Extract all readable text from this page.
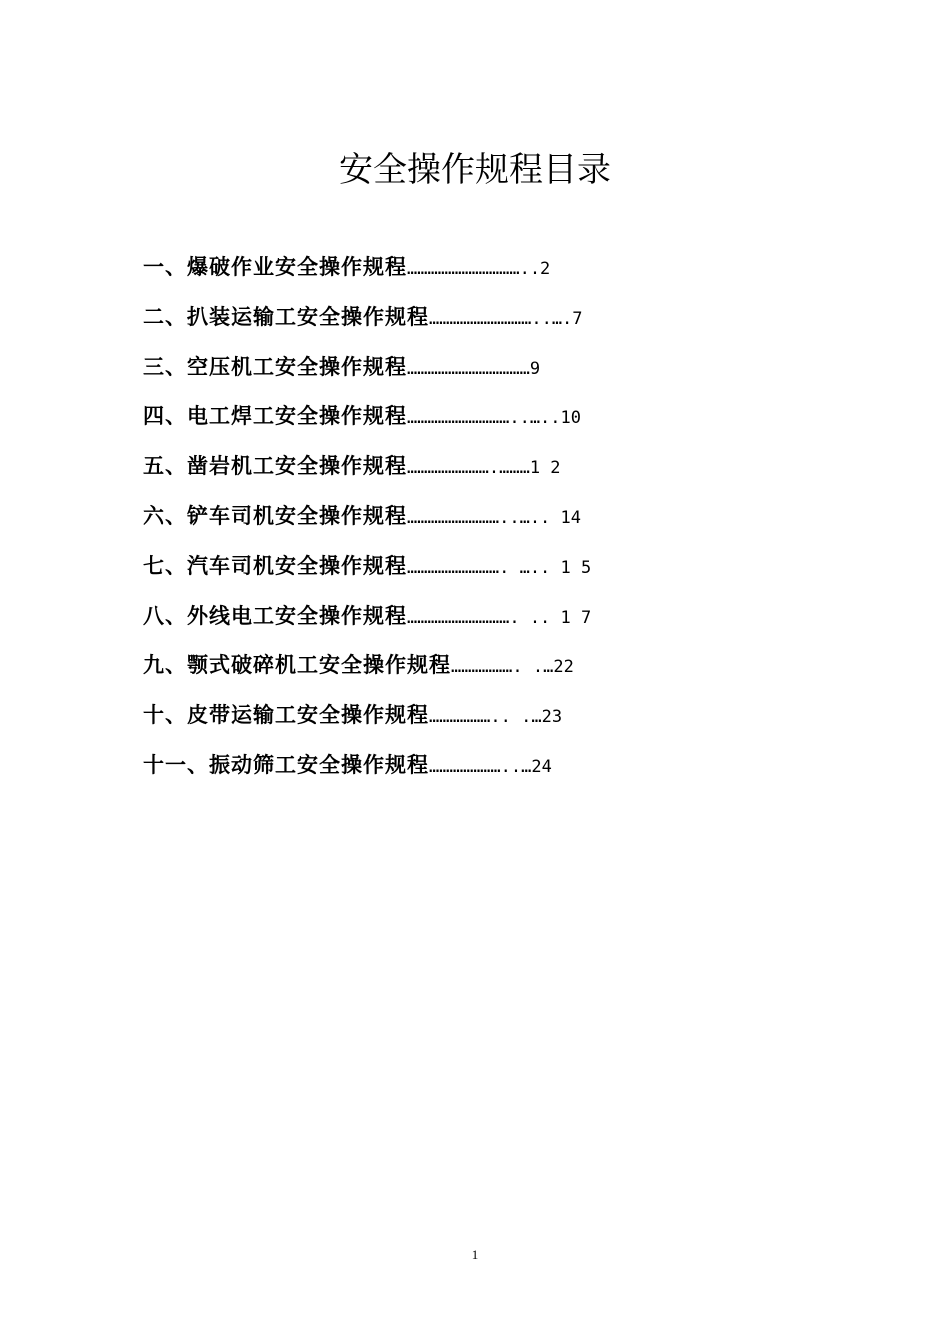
安全操作规程目录
一、爆破作业安全操作规程……………………………..2
二、扒装运输工安全操作规程…………………………..….7
三、空压机工安全操作规程………………………………9
四、电工焊工安全操作规程…………………………..…..10
五、凿岩机工安全操作规程…………………….………1 2
六、铲车司机安全操作规程………………………..….. 14
七、汽车司机安全操作规程………………………. ….. 1 5
八、外线电工安全操作规程…………………………. .. 1 7
九、颚式破碎机工安全操作规程………………. .…22
十、皮带运输工安全操作规程……………….. .…23
十一、振动筛工安全操作规程…………………..…24
1
